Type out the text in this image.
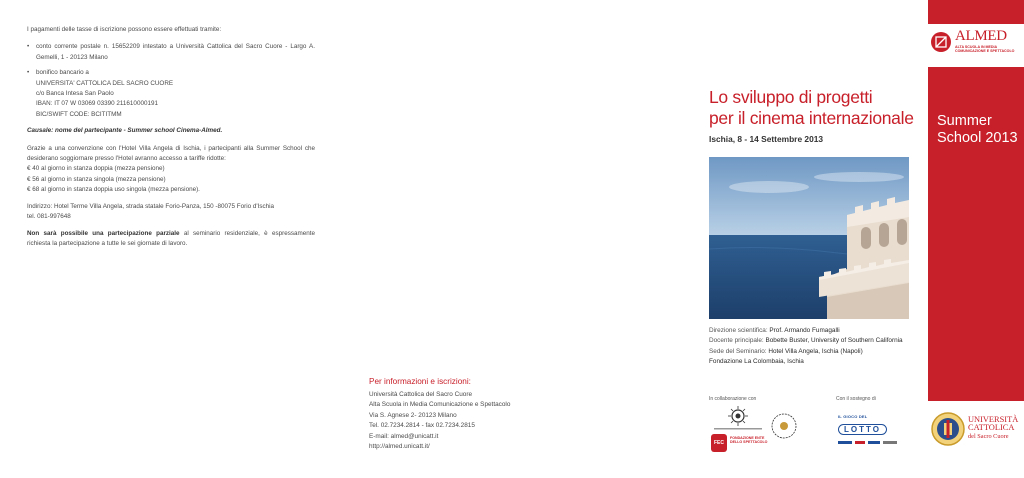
I pagamenti delle tasse di iscrizione possono essere effettuati tramite:

•	conto corrente postale n. 15652209 intestato a Università Cattolica del Sacro Cuore - Largo A. Gemelli, 1 - 20123 Milano
•	bonifico bancario a
UNIVERSITA' CATTOLICA DEL SACRO CUORE
c/o Banca Intesa San Paolo
IBAN: IT 07 W 03069 03390 211610000191
BIC/SWIFT CODE: BCITITMM

Causale: nome del partecipante - Summer school Cinema-Almed.

Grazie a una convenzione con l'Hotel Villa Angela di Ischia, i partecipanti alla Summer School che desiderano soggiornare presso l'Hotel avranno accesso a tariffe ridotte:

€ 40 al giorno in stanza doppia (mezza pensione)

€ 56 al giorno in stanza singola (mezza pensione)

€ 68 al giorno in stanza doppia uso singola (mezza pensione).

Indirizzo: Hotel Terme Villa Angela, strada statale Forio-Panza, 150 -80075 Forio d'Ischia

tel. 081-997648

Non sarà possibile una partecipazione parziale al seminario residenziale, è espressamente richiesta la partecipazione a tutte le sei giornate di lavoro.

Per informazioni e iscrizioni:
Università Cattolica del Sacro Cuore
Alta Scuola in Media Comunicazione e Spettacolo
Via S. Agnese 2- 20123 Milano
Tel. 02.7234.2814 - fax 02.7234.2815
E-mail: almed@unicatt.it
http://almed.unicatt.it/
Lo sviluppo di progetti
per il cinema internazionale
Ischia, 8 - 14 Settembre 2013
Direzione scientifica: Prof. Armando Fumagalli
Docente principale: Bobette Buster, University of Southern California
Sede del Seminario: Hotel Villa Angela, Ischia (Napoli)
Fondazione La Colombaia, Ischia
In collaborazione con	Con il sostegno di
FEC
FONDAZIONE ENTE DELLO SPETTACOLO
IL GIOCO DEL
LOTTO
ALMED
ALTA SCUOLA IN MEDIA COMUNICAZIONE E SPETTACOLO
Summer
School 2013
UNIVERSITÀ
CATTOLICA
del Sacro Cuore
